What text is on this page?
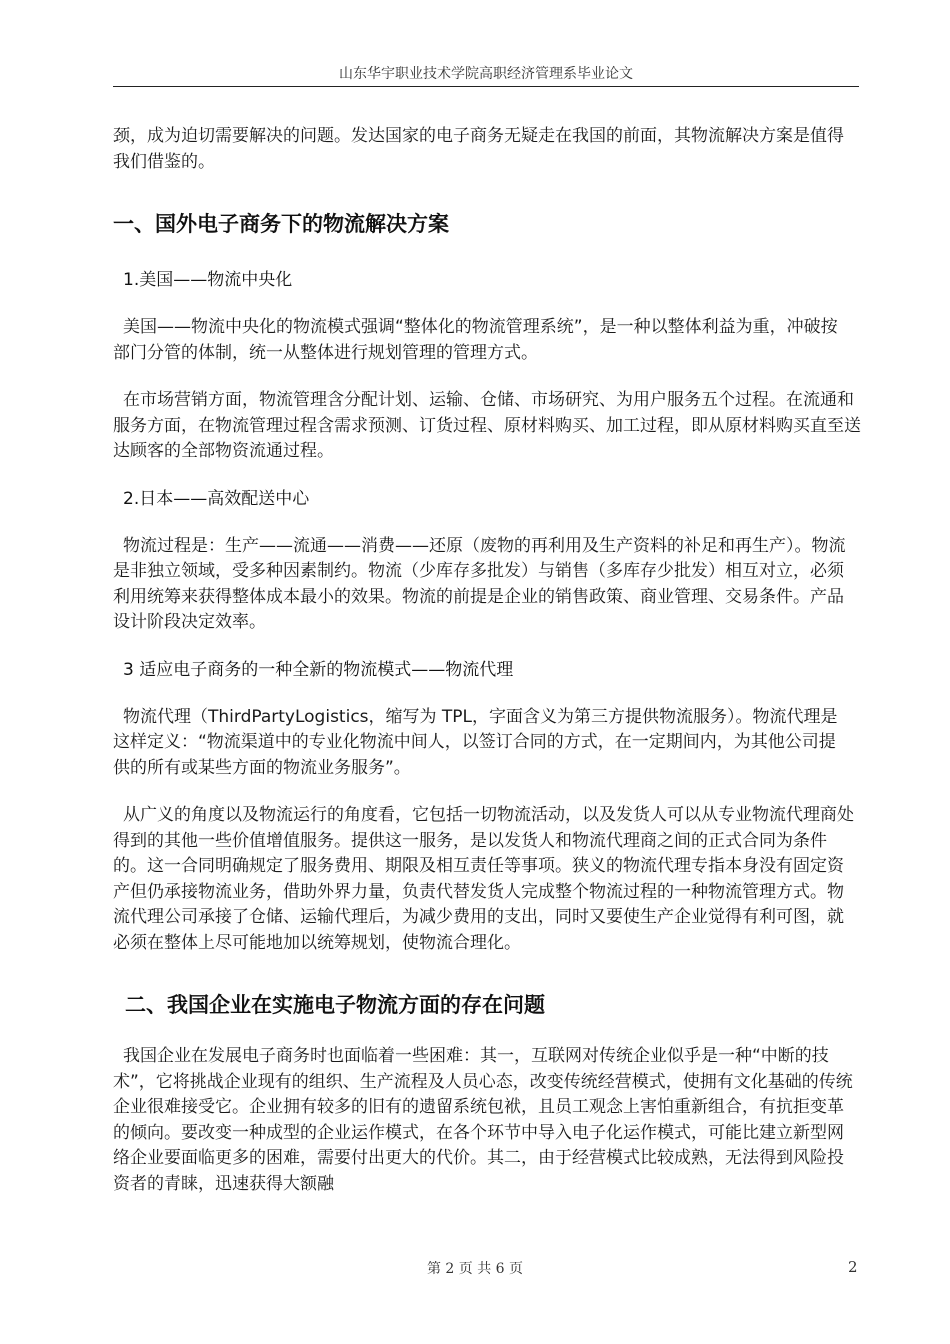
山东华宇职业技术学院高职经济管理系毕业论文

颈，成为迫切需要解决的问题。发达国家的电子商务无疑走在我国的前面，其物流解决方案是值得我们借鉴的。

一、国外电子商务下的物流解决方案
1.美国——物流中央化

美国——物流中央化的物流模式强调“整体化的物流管理系统”，是一种以整体利益为重，冲破按部门分管的体制，统一从整体进行规划管理的管理方式。

在市场营销方面，物流管理含分配计划、运输、仓储、市场研究、为用户服务五个过程。在流通和服务方面，在物流管理过程含需求预测、订货过程、原材料购买、加工过程，即从原材料购买直至送达顾客的全部物资流通过程。

2.日本——高效配送中心

物流过程是：生产——流通——消费——还原（废物的再利用及生产资料的补足和再生产）。物流是非独立领域，受多种因素制约。物流（少库存多批发）与销售（多库存少批发）相互对立，必须利用统筹来获得整体成本最小的效果。物流的前提是企业的销售政策、商业管理、交易条件。产品设计阶段决定效率。

3 适应电子商务的一种全新的物流模式——物流代理

物流代理（ThirdPartyLogistics，缩写为 TPL，字面含义为第三方提供物流服务）。物流代理是这样定义：“物流渠道中的专业化物流中间人，以签订合同的方式，在一定期间内，为其他公司提供的所有或某些方面的物流业务服务”。

从广义的角度以及物流运行的角度看，它包括一切物流活动，以及发货人可以从专业物流代理商处得到的其他一些价值增值服务。提供这一服务，是以发货人和物流代理商之间的正式合同为条件的。这一合同明确规定了服务费用、期限及相互责任等事项。狭义的物流代理专指本身没有固定资产但仍承接物流业务，借助外界力量，负责代替发货人完成整个物流过程的一种物流管理方式。物流代理公司承接了仓储、运输代理后，为减少费用的支出，同时又要使生产企业觉得有利可图，就必须在整体上尽可能地加以统筹规划，使物流合理化。

二、我国企业在实施电子物流方面的存在问题

我国企业在发展电子商务时也面临着一些困难：其一，互联网对传统企业似乎是一种“中断的技术”，它将挑战企业现有的组织、生产流程及人员心态，改变传统经营模式，使拥有文化基础的传统企业很难接受它。企业拥有较多的旧有的遗留系统包袱，且员工观念上害怕重新组合，有抗拒变革的倾向。要改变一种成型的企业运作模式，在各个环节中导入电子化运作模式，可能比建立新型网络企业要面临更多的困难，需要付出更大的代价。其二，由于经营模式比较成熟，无法得到风险投资者的青睐，迅速获得大额融

第 2 页 共 6 页	2
